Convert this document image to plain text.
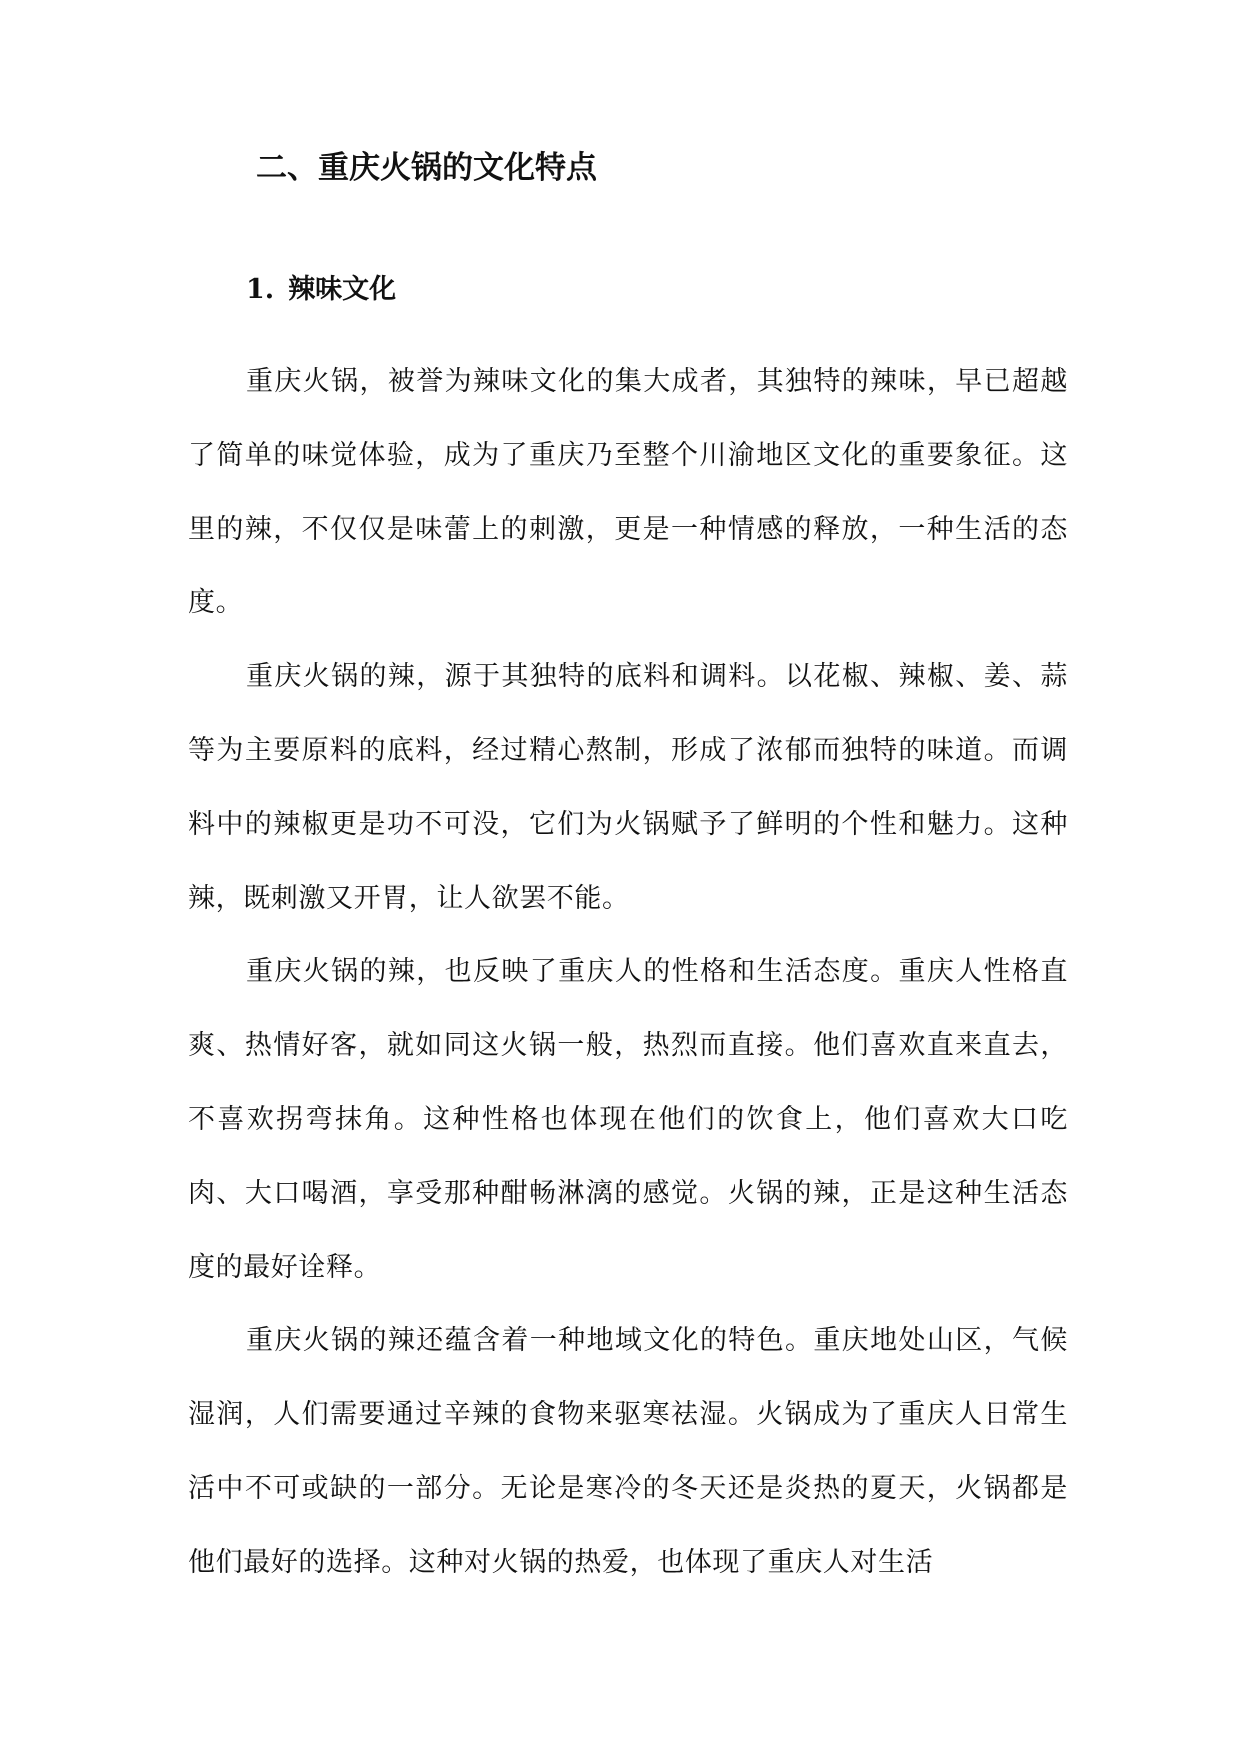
二、重庆火锅的文化特点
1. 辣味文化

重庆火锅，被誉为辣味文化的集大成者，其独特的辣味，早已超越了简单的味觉体验，成为了重庆乃至整个川渝地区文化的重要象征。这里的辣，不仅仅是味蕾上的刺激，更是一种情感的释放，一种生活的态度。

重庆火锅的辣，源于其独特的底料和调料。以花椒、辣椒、姜、蒜等为主要原料的底料，经过精心熬制，形成了浓郁而独特的味道。而调料中的辣椒更是功不可没，它们为火锅赋予了鲜明的个性和魅力。这种辣，既刺激又开胃，让人欲罢不能。

重庆火锅的辣，也反映了重庆人的性格和生活态度。重庆人性格直爽、热情好客，就如同这火锅一般，热烈而直接。他们喜欢直来直去，不喜欢拐弯抹角。这种性格也体现在他们的饮食上，他们喜欢大口吃肉、大口喝酒，享受那种酣畅淋漓的感觉。火锅的辣，正是这种生活态度的最好诠释。

重庆火锅的辣还蕴含着一种地域文化的特色。重庆地处山区，气候湿润，人们需要通过辛辣的食物来驱寒祛湿。火锅成为了重庆人日常生活中不可或缺的一部分。无论是寒冷的冬天还是炎热的夏天，火锅都是他们最好的选择。这种对火锅的热爱，也体现了重庆人对生活
